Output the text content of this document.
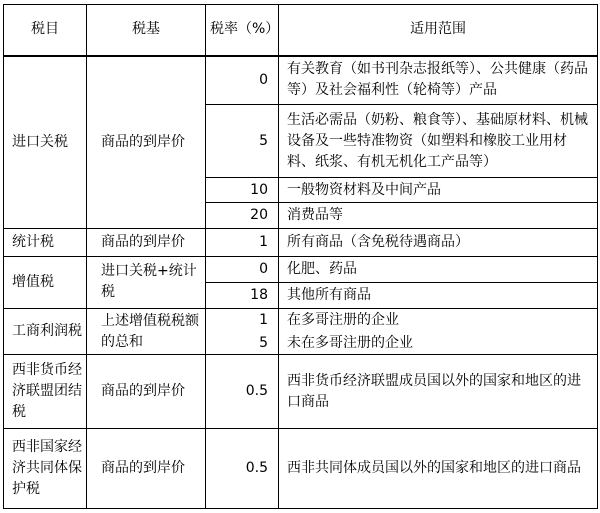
税目	税基	税率（%）	适用范围
进口关税	商品的到岸价	0	有关教育（如书刊杂志报纸等）、公共健康（药品等）及社会福利性（轮椅等）产品
		5	生活必需品（奶粉、粮食等）、基础原材料、机械设备及一些特准物资（如塑料和橡胶工业用材料、纸浆、有机无机化工产品等）
		10	一般物资材料及中间产品
		20	消费品等
统计税	商品的到岸价	1	所有商品（含免税待遇商品）
增值税	进口关税+统计税	0	化肥、药品
		18	其他所有商品
工商利润税	上述增值税税额的总和	1	在多哥注册的企业
		5	未在多哥注册的企业
西非货币经济联盟团结税	商品的到岸价	0.5	西非货币经济联盟成员国以外的国家和地区的进口商品
西非国家经济共同体保护税	商品的到岸价	0.5	西非共同体成员国以外的国家和地区的进口商品
